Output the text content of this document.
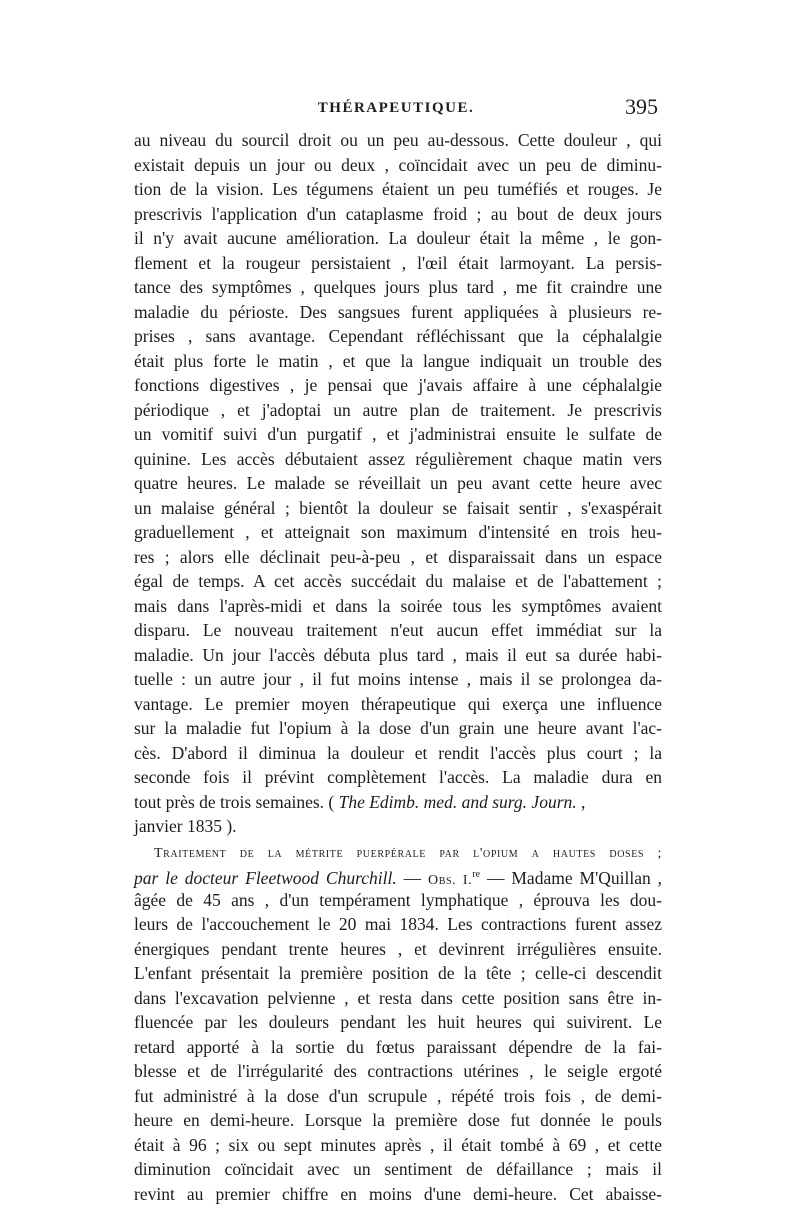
THÉRAPEUTIQUE.	395
au niveau du sourcil droit ou un peu au-dessous. Cette douleur , qui
existait depuis un jour ou deux , coïncidait avec un peu de diminu-
tion de la vision. Les tégumens étaient un peu tuméfiés et rouges. Je
prescrivis l'application d'un cataplasme froid ; au bout de deux jours
il n'y avait aucune amélioration. La douleur était la même , le gon-
flement et la rougeur persistaient , l'œil était larmoyant. La persis-
tance des symptômes , quelques jours plus tard , me fit craindre une
maladie du périoste. Des sangsues furent appliquées à plusieurs re-
prises , sans avantage. Cependant réfléchissant que la céphalalgie
était plus forte le matin , et que la langue indiquait un trouble des
fonctions digestives , je pensai que j'avais affaire à une céphalalgie
périodique , et j'adoptai un autre plan de traitement. Je prescrivis
un vomitif suivi d'un purgatif , et j'administrai ensuite le sulfate de
quinine. Les accès débutaient assez régulièrement chaque matin vers
quatre heures. Le malade se réveillait un peu avant cette heure avec
un malaise général ; bientôt la douleur se faisait sentir , s'exaspérait
graduellement , et atteignait son maximum d'intensité en trois heu-
res ; alors elle déclinait peu-à-peu , et disparaissait dans un espace
égal de temps. A cet accès succédait du malaise et de l'abattement ;
mais dans l'après-midi et dans la soirée tous les symptômes avaient
disparu. Le nouveau traitement n'eut aucun effet immédiat sur la
maladie. Un jour l'accès débuta plus tard , mais il eut sa durée habi-
tuelle : un autre jour , il fut moins intense , mais il se prolongea da-
vantage. Le premier moyen thérapeutique qui exerça une influence
sur la maladie fut l'opium à la dose d'un grain une heure avant l'ac-
cès. D'abord il diminua la douleur et rendit l'accès plus court ; la
seconde fois il prévint complètement l'accès. La maladie dura en
tout près de trois semaines. ( The Edimb. med. and surg. Journ. ,
janvier 1835 ).
Traitement de la métrite puerpérale par l'opium a hautes doses ;
par le docteur Fleetwood Churchill. — Obs. I.$^{re}$ — Madame M'Quillan ,
âgée de 45 ans , d'un tempérament lymphatique , éprouva les dou-
leurs de l'accouchement le 20 mai 1834. Les contractions furent assez
énergiques pendant trente heures , et devinrent irrégulières ensuite.
L'enfant présentait la première position de la tête ; celle-ci descendit
dans l'excavation pelvienne , et resta dans cette position sans être in-
fluencée par les douleurs pendant les huit heures qui suivirent. Le
retard apporté à la sortie du fœtus paraissant dépendre de la fai-
blesse et de l'irrégularité des contractions utérines , le seigle ergoté
fut administré à la dose d'un scrupule , répété trois fois , de demi-
heure en demi-heure. Lorsque la première dose fut donnée le pouls
était à 96 ; six ou sept minutes après , il était tombé à 69 , et cette
diminution coïncidait avec un sentiment de défaillance ; mais il
revint au premier chiffre en moins d'une demi-heure. Cet abaisse-
